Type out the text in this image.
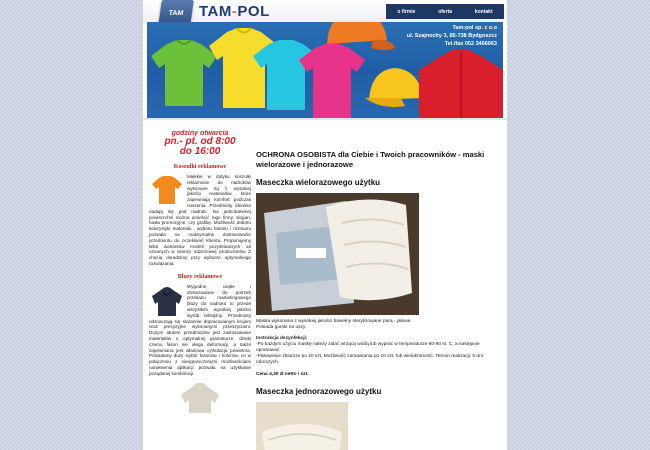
TAM	TAM-POL	o firmie	oferta	kontakt
Tam-pol sp. z o.o
ul. Szajnochy 3, 85-738 Bydgoszcz
Tel./fax 052 3466063
godziny otwarcia
pn.- pt. od 8:00
do 16:00
Koszulki reklamowe
Miękkie w dotyku koszulki reklamowe do nadruków wykonane są z wysokiej jakości materiałów, które zapewniają komfort podczas noszenia. Przedmioty idealnie nadają się pod nadruki. Na jednobarwnej powierzchni można umieścić logo firmy, slogan, hasła promocyjne, czy grafikę. Możliwość doboru kolorystyki materiału , wyboru fasonu i rozmiaru pozwala na maksymalne dostosowanie przedmiotu do oczekiwań Klienta. Proponujemy kilka wariantów modeli pozyskiwanych od uznanych w branży odzieżowej producentów Z chęcią doradzimy przy wyborze optymalnego rozwiązania.
Bluzy reklamowe
Wygodne, ciepłe i dostosowane do potrzeb przekazu marketingowego bluzy do nadruku to przede wszystkim wysokiej jakości wyrób tekstylny. Przedmioty odznaczają się starannie dopracowanym krojem oraz precyzyjne wykonanymi przeszyciami. Dużym atutem przedmiotów jest zastosowanie materiałów o optymalnej gramaturze, dzięki czemu fason nie ulega deformacji, a także zapewniana jest właściwa cyrkulacja powietrza. Posiadamy duży wybór fasonów i kolorów, co w połączeniu z nieograniczonymi możliwościami naniesienia aplikacji pozwala na uzyskanie pożądanej kombinacji.
OCHRONA OSOBISTA dla Ciebie i Twoich pracowników - maski wielorazowe i jednorazowe
Maseczka wielorazowego użytku
Maska wykonana z wysokiej jakości bawełny sterylizowane parą - jałowe.
Posiada gumki na uszy.
Instrukcja dezynfekcji:
-Po każdym użyciu maskę należy zalać wrzącą wodą lub wyprać w temperaturze 60-90 st. C, a następnie uprasować.
-Pakowanie zbiorcze po 10 szt. Możliwość zamawiania po 10 szt. lub wielokrotność. Termin realizacji: 5 dni roboczych.
Cena 4,30 zł netto / szt.
Maseczka jednorazowego użytku
